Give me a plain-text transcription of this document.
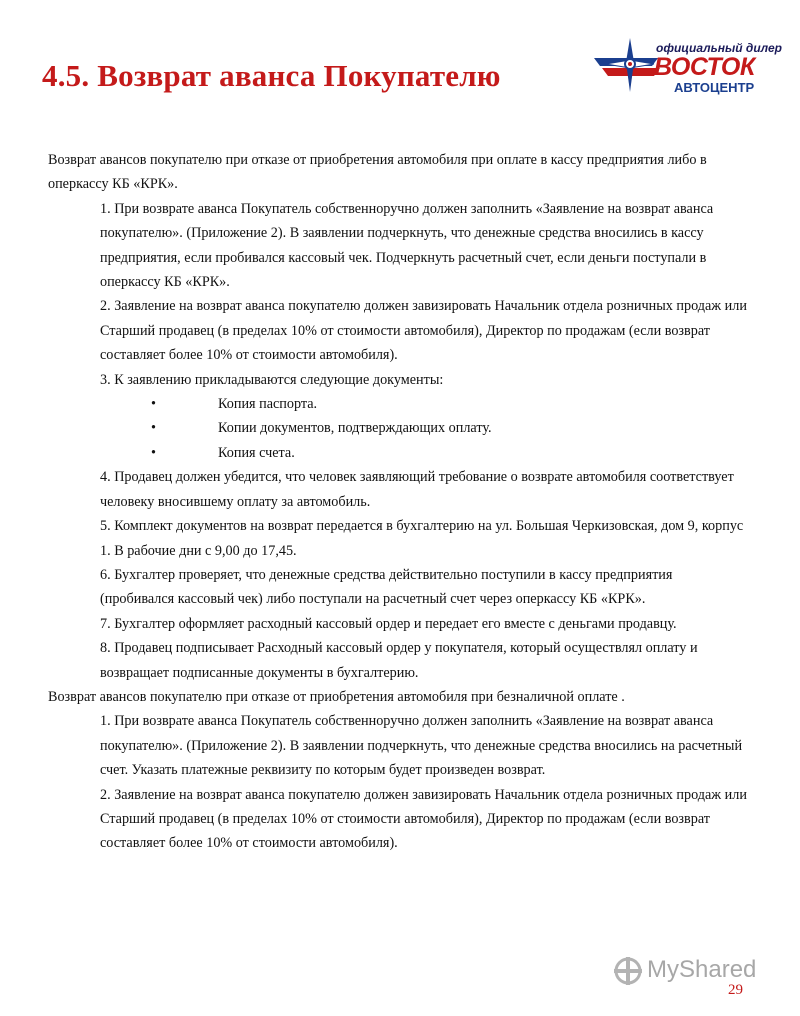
4.5. Возврат аванса Покупателю
официальный дилер
ВОСТОК
АВТОЦЕНТР

Возврат авансов покупателю при отказе от приобретения автомобиля при оплате в кассу предприятия либо в оперкассу КБ «КРК».

1. При возврате аванса Покупатель собственноручно должен заполнить «Заявление на возврат аванса покупателю». (Приложение 2). В заявлении подчеркнуть, что денежные средства вносились в кассу предприятия, если пробивался кассовый чек. Подчеркнуть расчетный счет, если деньги поступали в оперкассу КБ «КРК».

2. Заявление на возврат аванса покупателю должен завизировать Начальник отдела розничных продаж или Старший продавец (в пределах 10% от стоимости автомобиля), Директор по продажам (если возврат составляет более 10% от стоимости автомобиля).

3. К заявлению прикладываются следующие документы:

•	Копия паспорта.
•	Копии документов, подтверждающих оплату.
•	Копия счета.

4. Продавец должен убедится, что человек заявляющий требование о возврате автомобиля соответствует человеку вносившему оплату за автомобиль.

5. Комплект документов на возврат передается в бухгалтерию на ул. Большая Черкизовская, дом 9, корпус 1. В рабочие дни с 9,00 до 17,45.

6. Бухгалтер проверяет, что денежные средства действительно поступили в кассу предприятия (пробивался кассовый чек) либо поступали на расчетный счет через оперкассу КБ «КРК».

7. Бухгалтер оформляет расходный кассовый ордер и передает его вместе с деньгами продавцу.

8. Продавец подписывает Расходный кассовый ордер у покупателя, который осуществлял оплату и возвращает подписанные документы в бухгалтерию.

Возврат авансов покупателю при отказе от приобретения автомобиля при безналичной оплате .

1. При возврате аванса Покупатель собственноручно должен заполнить «Заявление на возврат аванса покупателю». (Приложение 2). В заявлении подчеркнуть, что денежные средства вносились на расчетный счет. Указать платежные реквизиту по которым будет произведен возврат.

2. Заявление на возврат аванса покупателю должен завизировать Начальник отдела розничных продаж или Старший продавец (в пределах 10% от стоимости автомобиля), Директор по продажам (если возврат составляет более 10% от стоимости автомобиля).

MyShared
29
